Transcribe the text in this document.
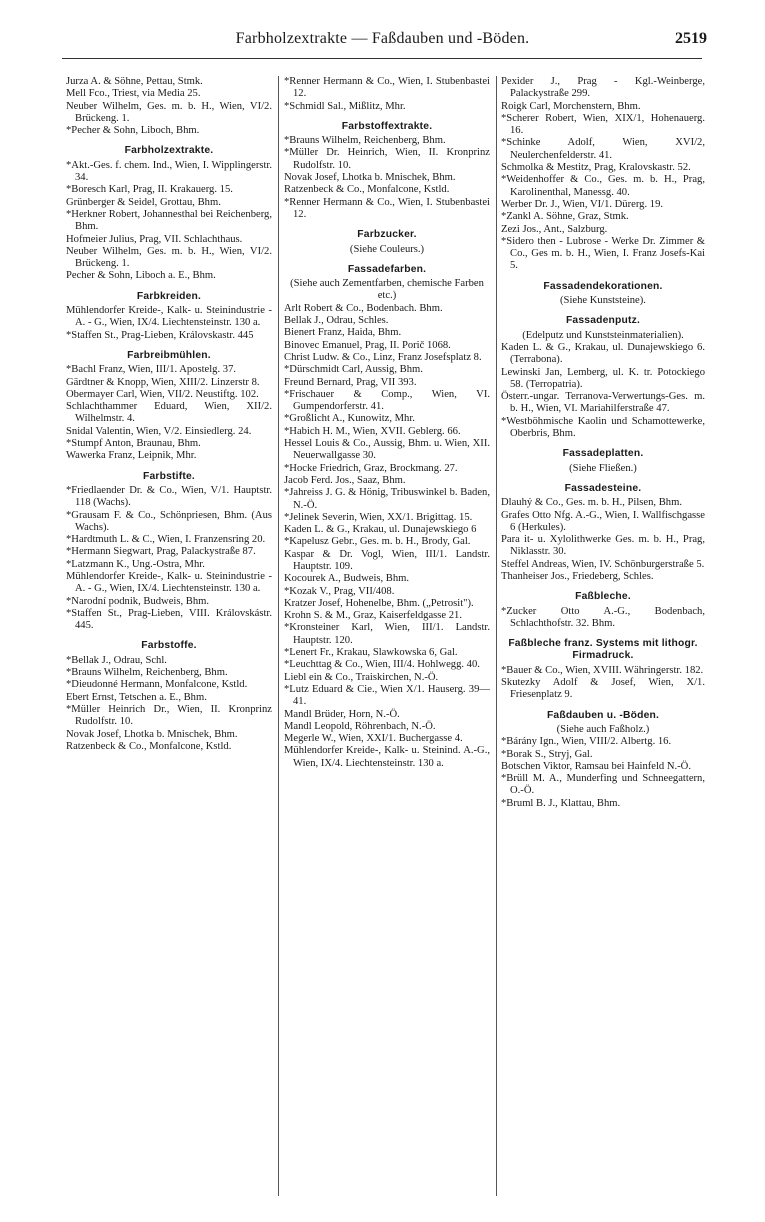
Farbholzextrakte — Faßdauben und -Böden.	2519
Jurza A. & Söhne, Pettau, Stmk.
Mell Fco., Triest, via Media 25.
Neuber Wilhelm, Ges. m. b. H., Wien, VI/2. Brückeng. 1.
*Pecher & Sohn, Liboch, Bhm.
Farbholzextrakte.
*Akt.-Ges. f. chem. Ind., Wien, I. Wipplingerstr. 34.
*Boresch Karl, Prag, II. Krakauerg. 15.
Grünberger & Seidel, Grottau, Bhm.
*Herkner Robert, Johannesthal bei Reichenberg, Bhm.
Hofmeier Julius, Prag, VII. Schlachthaus.
Neuber Wilhelm, Ges. m. b. H., Wien, VI/2. Brückeng. 1.
Pecher & Sohn, Liboch a. E., Bhm.
Farbkreiden.
Mühlendorfer Kreide-, Kalk- u. Steinindustrie - A. - G., Wien, IX/4. Liechtensteinstr. 130 a.
*Staffen St., Prag-Lieben, Královskastr. 445
Farbreibmühlen.
*Bachl Franz, Wien, III/1. Apostelg. 37.
Gärdtner & Knopp, Wien, XIII/2. Linzerstr 8.
Obermayer Carl, Wien, VII/2. Neustiftg. 102.
Schlachthammer Eduard, Wien, XII/2. Wilhelmstr. 4.
Snidal Valentin, Wien, V/2. Einsiedlerg. 24.
*Stumpf Anton, Braunau, Bhm.
Wawerka Franz, Leipnik, Mhr.
Farbstifte.
*Friedlaender Dr. & Co., Wien, V/1. Hauptstr. 118 (Wachs).
*Grausam F. & Co., Schönpriesen, Bhm. (Aus Wachs).
*Hardtmuth L. & C., Wien, I. Franzensring 20.
*Hermann Siegwart, Prag, Palackystraße 87.
*Latzmann K., Ung.-Ostra, Mhr.
Mühlendorfer Kreide-, Kalk- u. Steinindustrie - A. - G., Wien, IX/4. Liechtensteinstr. 130 a.
*Narodní podnik, Budweis, Bhm.
*Staffen St., Prag-Lieben, VIII. Královskástr. 445.
Farbstoffe.
*Bellak J., Odrau, Schl.
*Brauns Wilhelm, Reichenberg, Bhm.
*Dieudonné Hermann, Monfalcone, Kstld.
Ebert Ernst, Tetschen a. E., Bhm.
*Müller Heinrich Dr., Wien, II. Kronprinz Rudolfstr. 10.
Novak Josef, Lhotka b. Mnischek, Bhm.
Ratzenbeck & Co., Monfalcone, Kstld.
*Renner Hermann & Co., Wien, I. Stubenbastei 12.
*Schmidl Sal., Mißlitz, Mhr.
Farbstoffextrakte.
*Brauns Wilhelm, Reichenberg, Bhm.
*Müller Dr. Heinrich, Wien, II. Kronprinz Rudolfstr. 10.
Novak Josef, Lhotka b. Mnischek, Bhm.
Ratzenbeck & Co., Monfalcone, Kstld.
*Renner Hermann & Co., Wien, I. Stubenbastei 12.
Farbzucker.
(Siehe Couleurs.)
Fassadefarben.
(Siehe auch Zementfarben, chemische Farben etc.)
Arlt Robert & Co., Bodenbach. Bhm.
Bellak J., Odrau, Schles.
Bienert Franz, Haida, Bhm.
Binovec Emanuel, Prag, II. Porič 1068.
Christ Ludw. & Co., Linz, Franz Josefsplatz 8.
*Dürschmidt Carl, Aussig, Bhm.
Freund Bernard, Prag, VII 393.
*Frischauer & Comp., Wien, VI. Gumpendorferstr. 41.
*Großlicht A., Kunowitz, Mhr.
*Habich H. M., Wien, XVII. Geblerg. 66.
Hessel Louis & Co., Aussig, Bhm. u. Wien, XII. Neuerwallgasse 30.
*Hocke Friedrich, Graz, Brockmang. 27.
Jacob Ferd. Jos., Saaz, Bhm.
*Jahreiss J. G. & Hönig, Tribuswinkel b. Baden, N.-Ö.
*Jelinek Severin, Wien, XX/1. Brigittag. 15.
Kaden L. & G., Krakau, ul. Dunajewskiego 6
*Kapelusz Gebr., Ges. m. b. H., Brody, Gal.
Kaspar & Dr. Vogl, Wien, III/1. Landstr. Hauptstr. 109.
Kocourek A., Budweis, Bhm.
*Kozak V., Prag, VII/408.
Kratzer Josef, Hohenelbe, Bhm. („Petrosit").
Krohn S. & M., Graz, Kaiserfeldgasse 21.
*Kronsteiner Karl, Wien, III/1. Landstr. Hauptstr. 120.
*Lenert Fr., Krakau, Slawkowska 6, Gal.
*Leuchttag & Co., Wien, III/4. Hohlwegg. 40.
Liebl ein & Co., Traiskirchen, N.-Ö.
*Lutz Eduard & Cie., Wien X/1. Hauserg. 39—41.
Mandl Brüder, Horn, N.-Ö.
Mandl Leopold, Röhrenbach, N.-Ö.
Megerle W., Wien, XXI/1. Buchergasse 4.
Mühlendorfer Kreide-, Kalk- u. Steinind. A.-G., Wien, IX/4. Liechtensteinstr. 130 a.
Pexider J., Prag - Kgl.-Weinberge, Palackystraße 299.
Roigk Carl, Morchenstern, Bhm.
*Scherer Robert, Wien, XIX/1, Hohenauerg. 16.
*Schinke Adolf, Wien, XVI/2, Neulerchenfelderstr. 41.
Schmolka & Mestitz, Prag, Kralovskastr. 52.
*Weidenhoffer & Co., Ges. m. b. H., Prag, Karolinenthal, Manessg. 40.
Werber Dr. J., Wien, VI/1. Dürerg. 19.
*Zankl A. Söhne, Graz, Stmk.
Zezi Jos., Ant., Salzburg.
*Sidero then - Lubrose - Werke Dr. Zimmer & Co., Ges m. b. H., Wien, I. Franz Josefs-Kai 5.
Fassadendekorationen.
(Siehe Kunststeine).
Fassadenputz.
(Edelputz und Kunststeinmaterialien).
Kaden L. & G., Krakau, ul. Dunajewskiego 6.(Terrabona).
Lewinski Jan, Lemberg, ul. K. tr. Potockiego 58. (Terropatria).
Österr.-ungar. Terranova-Verwertungs-Ges. m. b. H., Wien, VI. Mariahilferstraße 47.
*Westböhmische Kaolin und Schamottewerke, Oberbris, Bhm.
Fassadeplatten.
(Siehe Fließen.)
Fassadesteine.
Dlauhý & Co., Ges. m. b. H., Pilsen, Bhm.
Grafes Otto Nfg. A.-G., Wien, I. Wallfischgasse 6 (Herkules).
Para it- u. Xylolithwerke Ges. m. b. H., Prag, Niklasstr. 30.
Steffel Andreas, Wien, IV. Schönburgerstraße 5.
Thanheiser Jos., Friedeberg, Schles.
Faßbleche.
*Zucker Otto A.-G., Bodenbach, Schlachthofstr. 32. Bhm.
Faßbleche franz. Systems mit lithogr. Firmadruck.
*Bauer & Co., Wien, XVIII. Währingerstr. 182.
Skutezky Adolf & Josef, Wien, X/1. Friesenplatz 9.
Faßdauben u. -Böden.
(Siehe auch Faßholz.)
*Bárány Ign., Wien, VIII/2. Albertg. 16.
*Borak S., Stryj, Gal.
Botschen Viktor, Ramsau bei Hainfeld N.-Ö.
*Brüll M. A., Munderfing und Schneegattern, O.-Ö.
*Bruml B. J., Klattau, Bhm.
